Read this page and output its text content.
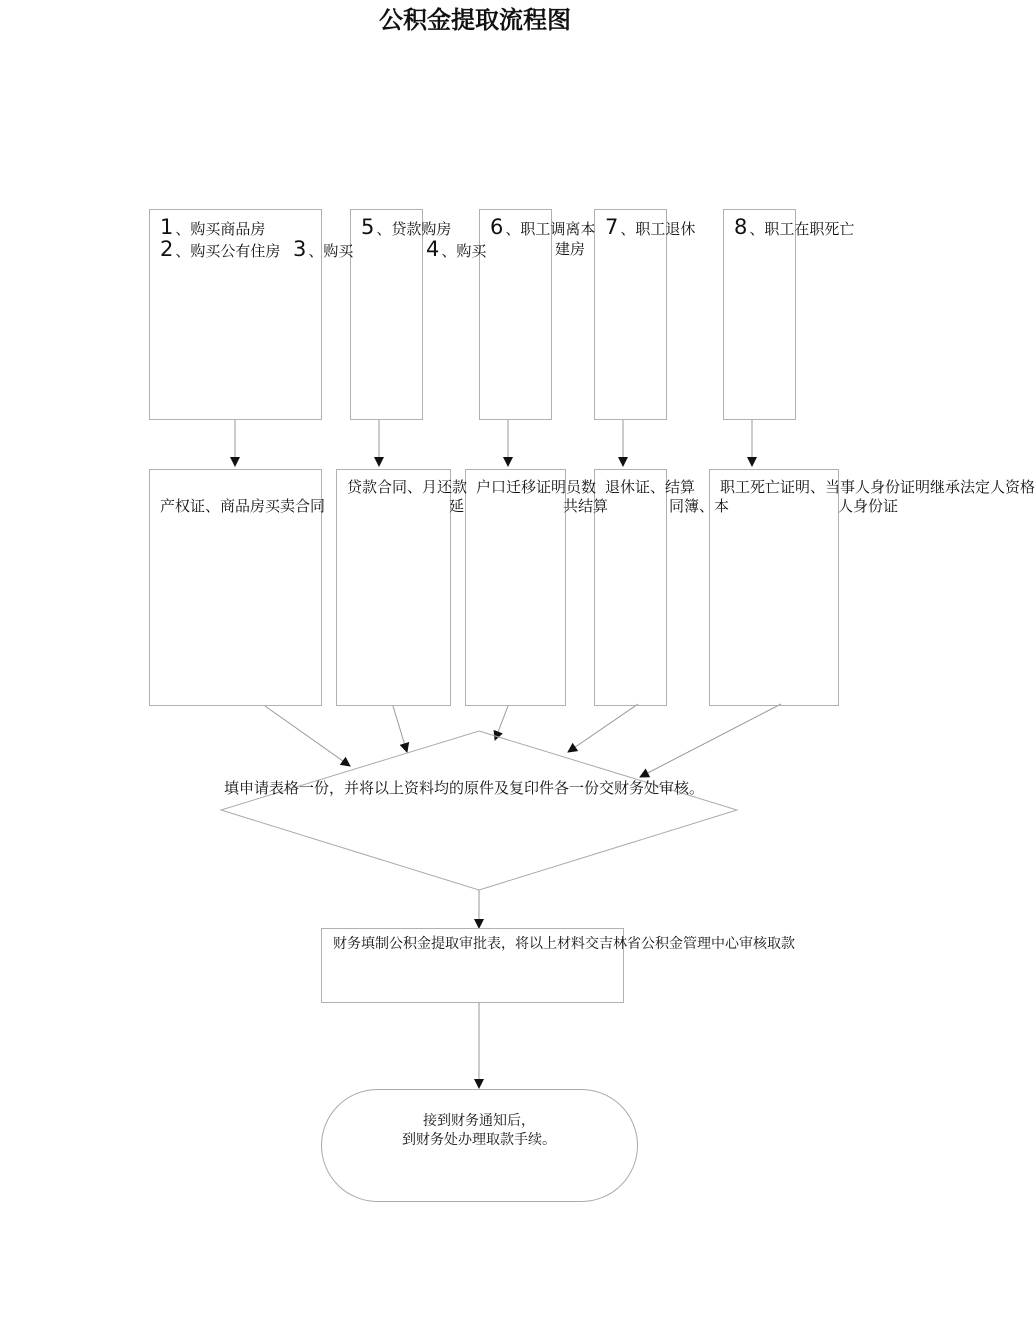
公积金提取流程图
1 、购买商品房
2 、购买公有住房 3 、购买	4 、购买	建房
5 、贷款购房 6 、职工调离本 7 、职工退休 8 、职工在职死亡
产权证、商品房买卖合同
贷款合同、月还款
延
户口迁移证明员数
共结算
退休证、结算
同簿、本
职工死亡证明、当事人身份证明继承法定人资格
人身份证
填申请表格一份，并将以上资料均的原件及复印件各一份交财务处审核。
财务填制公积金提取审批表，将以上材料交吉林省公积金管理中心审核取款
接到财务通知后，
到财务处办理取款手续。
